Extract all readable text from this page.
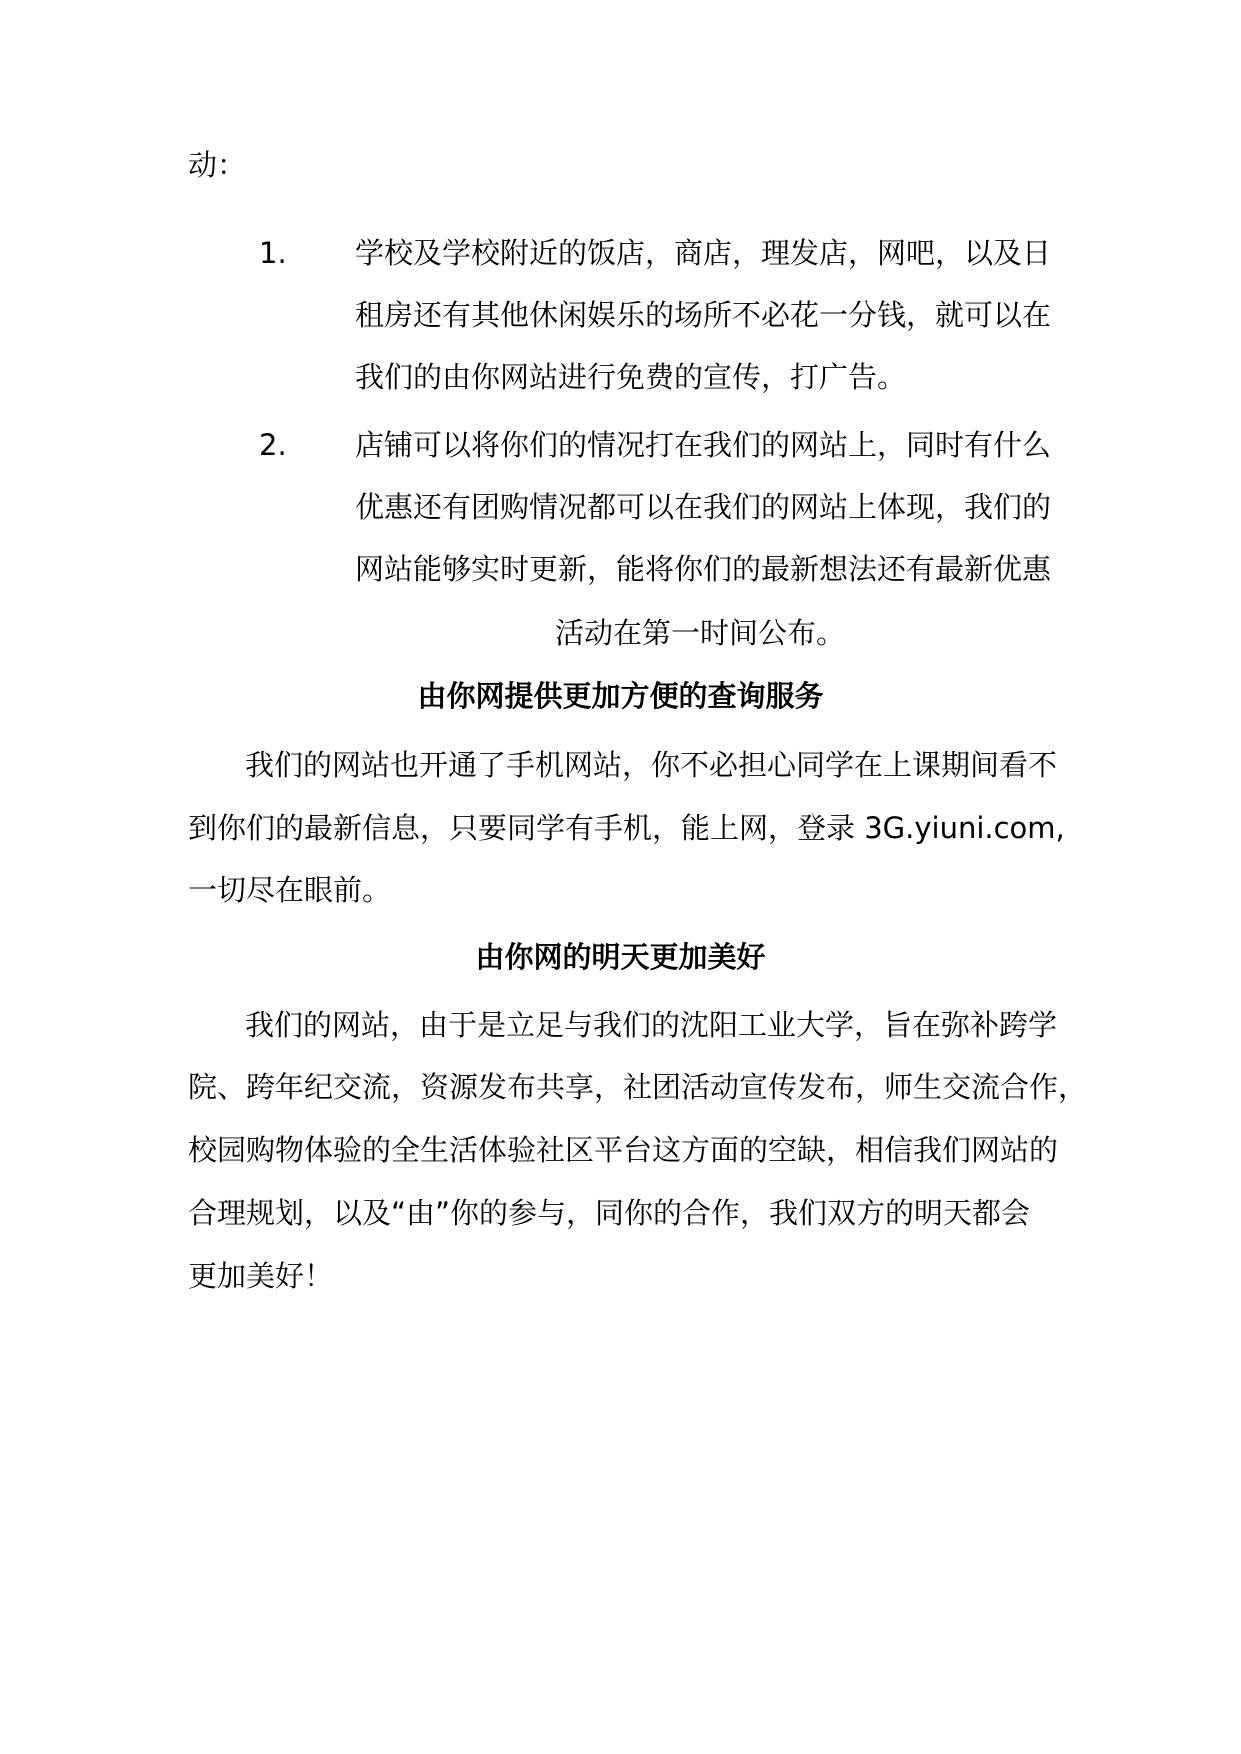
动：
1. 学校及学校附近的饭店，商店，理发店，网吧，以及日
租房还有其他休闲娱乐的场所不必花一分钱，就可以在
我们的由你网站进行免费的宣传，打广告。
2. 店铺可以将你们的情况打在我们的网站上，同时有什么
优惠还有团购情况都可以在我们的网站上体现，我们的
网站能够实时更新，能将你们的最新想法还有最新优惠
活动在第一时间公布。
由你网提供更加方便的查询服务
我们的网站也开通了手机网站，你不必担心同学在上课期间看不
到你们的最新信息，只要同学有手机，能上网，登录 3G.yiuni.com,
一切尽在眼前。
由你网的明天更加美好
我们的网站，由于是立足与我们的沈阳工业大学，旨在弥补跨学
院、跨年纪交流，资源发布共享，社团活动宣传发布，师生交流合作，
校园购物体验的全生活体验社区平台这方面的空缺，相信我们网站的
合理规划，以及“由”你的参与，同你的合作，我们双方的明天都会
更加美好！
